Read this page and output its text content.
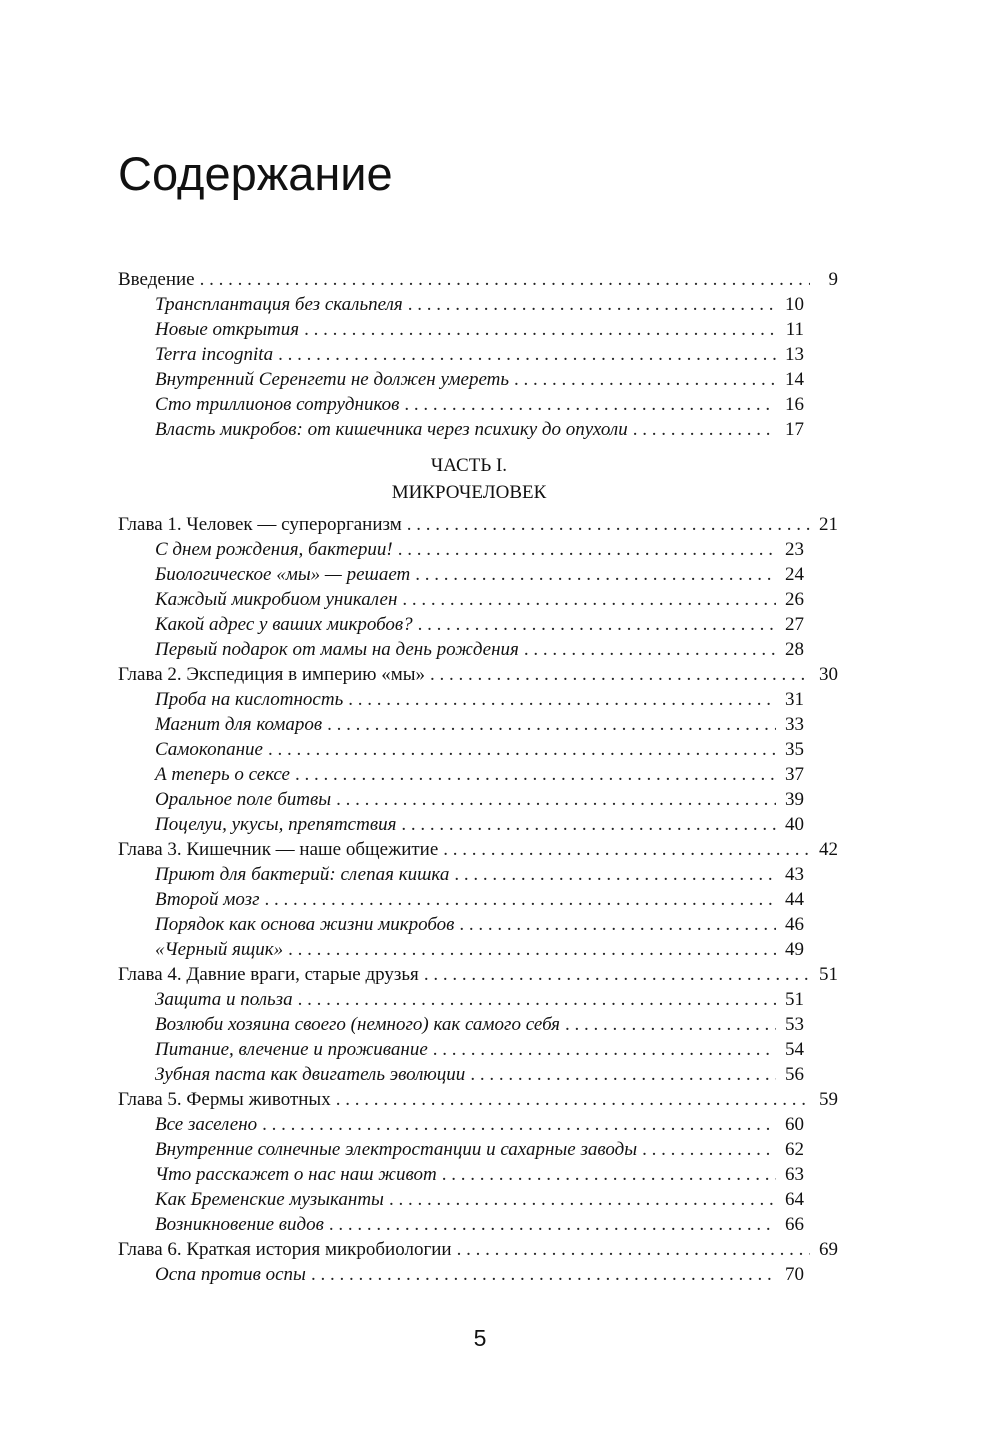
Содержание
Введение . . .	9
Трансплантация без скальпеля . . .	10
Новые открытия . . .	11
Terra incognita . . .	13
Внутренний Серенгети не должен умереть . . .	14
Сто триллионов сотрудников . . .	16
Власть микробов: от кишечника через психику до опухоли . . .	17
ЧАСТЬ I.
МИКРОЧЕЛОВЕК
Глава 1. Человек — суперорганизм . . .	21
С днем рождения, бактерии! . . .	23
Биологическое «мы» — решает . . .	24
Каждый микробиом уникален . . .	26
Какой адрес у ваших микробов? . . .	27
Первый подарок от мамы на день рождения . . .	28
Глава 2. Экспедиция в империю «мы» . . .	30
Проба на кислотность . . .	31
Магнит для комаров . . .	33
Самокопание . . .	35
А теперь о сексе . . .	37
Оральное поле битвы . . .	39
Поцелуи, укусы, препятствия . . .	40
Глава 3. Кишечник — наше общежитие . . .	42
Приют для бактерий: слепая кишка . . .	43
Второй мозг . . .	44
Порядок как основа жизни микробов . . .	46
«Черный ящик» . . .	49
Глава 4. Давние враги, старые друзья . . .	51
Защита и польза . . .	51
Возлюби хозяина своего (немного) как самого себя . . .	53
Питание, влечение и проживание . . .	54
Зубная паста как двигатель эволюции . . .	56
Глава 5. Фермы животных . . .	59
Все заселено . . .	60
Внутренние солнечные электростанции и сахарные заводы . . .	62
Что расскажет о нас наш живот . . .	63
Как Бременские музыканты . . .	64
Возникновение видов . . .	66
Глава 6. Краткая история микробиологии . . .	69
Оспа против оспы . . .	70
5
